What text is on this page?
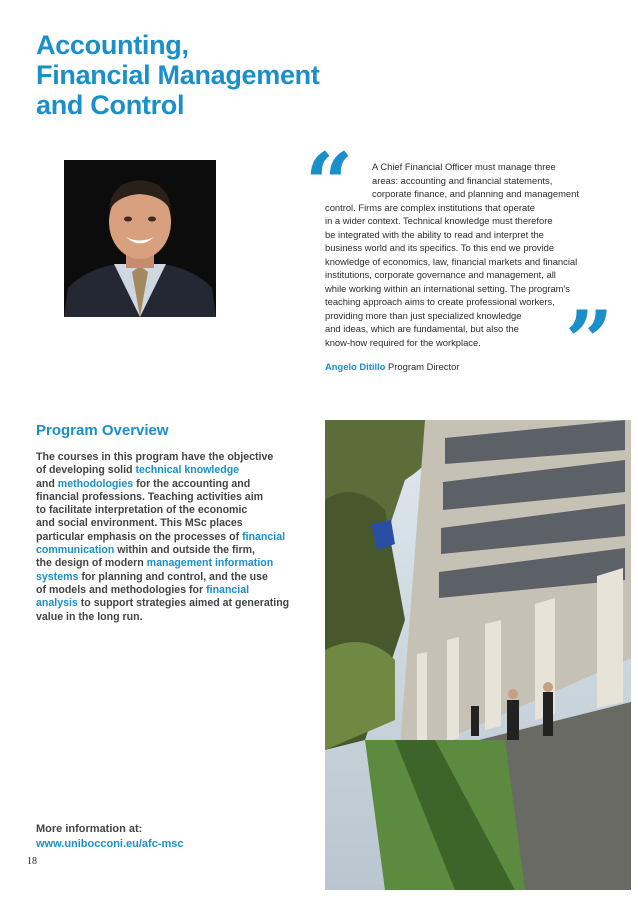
Accounting,
Financial Management
and Control
“	A Chief Financial Officer must manage three
areas: accounting and financial statements,
corporate finance, and planning and management
control. Firms are complex institutions that operate
in a wider context. Technical knowledge must therefore
be integrated with the ability to read and interpret the
business world and its specifics. To this end we provide
knowledge of economics, law, financial markets and financial
institutions, corporate governance and management, all
while working within an international setting. The program's
teaching approach aims to create professional workers,
providing more than just specialized knowledge
and ideas, which are fundamental, but also the
know-how required for the workplace.	”
Angelo Ditillo Program Director
Program Overview
The courses in this program have the objective
of developing solid technical knowledge
and methodologies for the accounting and
financial professions. Teaching activities aim
to facilitate interpretation of the economic
and social environment. This MSc places
particular emphasis on the processes of financial
communication within and outside the firm,
the design of modern management information
systems for planning and control, and the use
of models and methodologies for financial
analysis to support strategies aimed at generating
value in the long run.
More information at:
www.unibocconi.eu/afc-msc
18
